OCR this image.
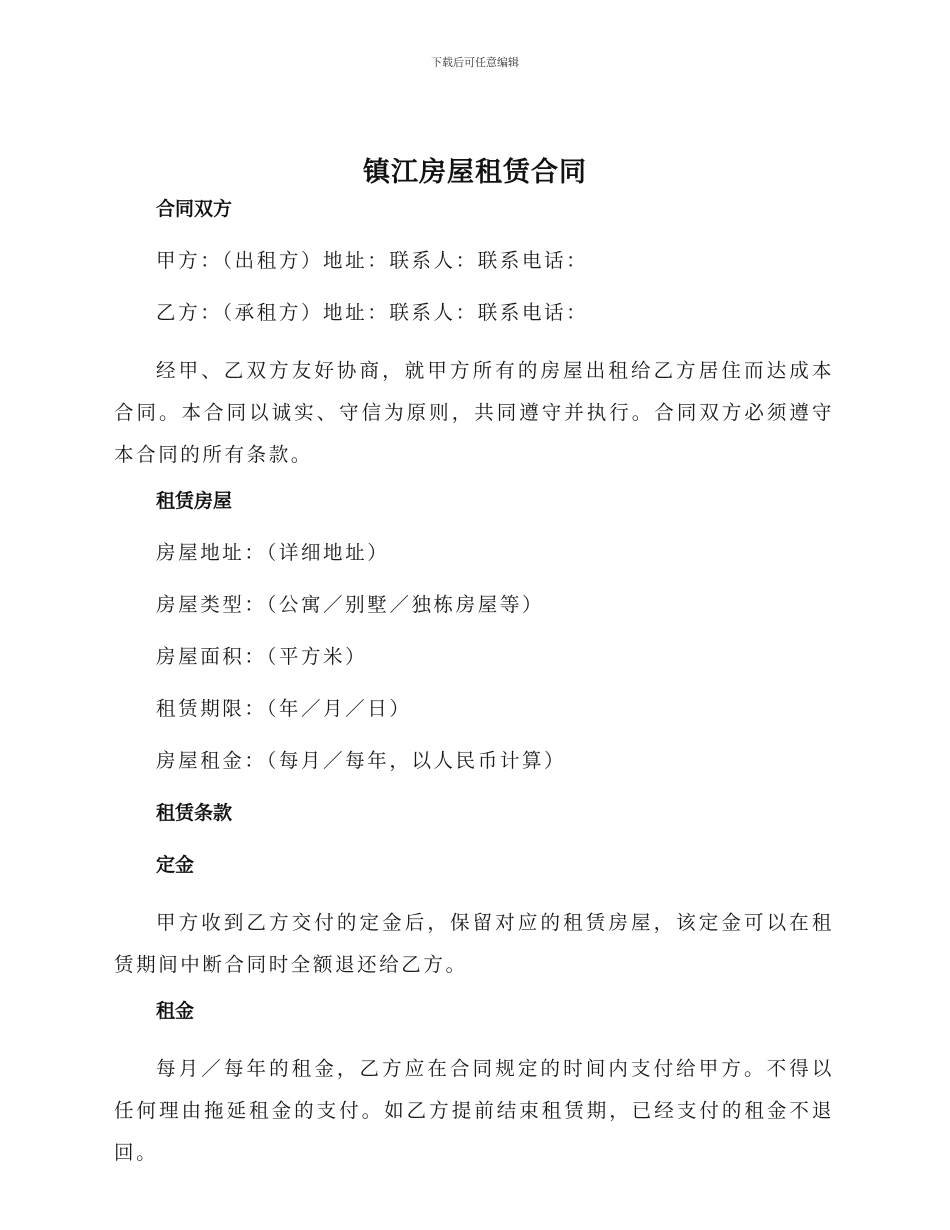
下载后可任意编辑
镇江房屋租赁合同
合同双方
甲方：（出租方）地址：联系人：联系电话：
乙方：（承租方）地址：联系人：联系电话：
经甲、乙双方友好协商，就甲方所有的房屋出租给乙方居住而达成本合同。本合同以诚实、守信为原则，共同遵守并执行。合同双方必须遵守本合同的所有条款。
租赁房屋
房屋地址：（详细地址）
房屋类型：（公寓／别墅／独栋房屋等）
房屋面积：（平方米）
租赁期限：（年／月／日）
房屋租金：（每月／每年，以人民币计算）
租赁条款
定金
甲方收到乙方交付的定金后，保留对应的租赁房屋，该定金可以在租赁期间中断合同时全额退还给乙方。
租金
每月／每年的租金，乙方应在合同规定的时间内支付给甲方。不得以任何理由拖延租金的支付。如乙方提前结束租赁期，已经支付的租金不退回。
